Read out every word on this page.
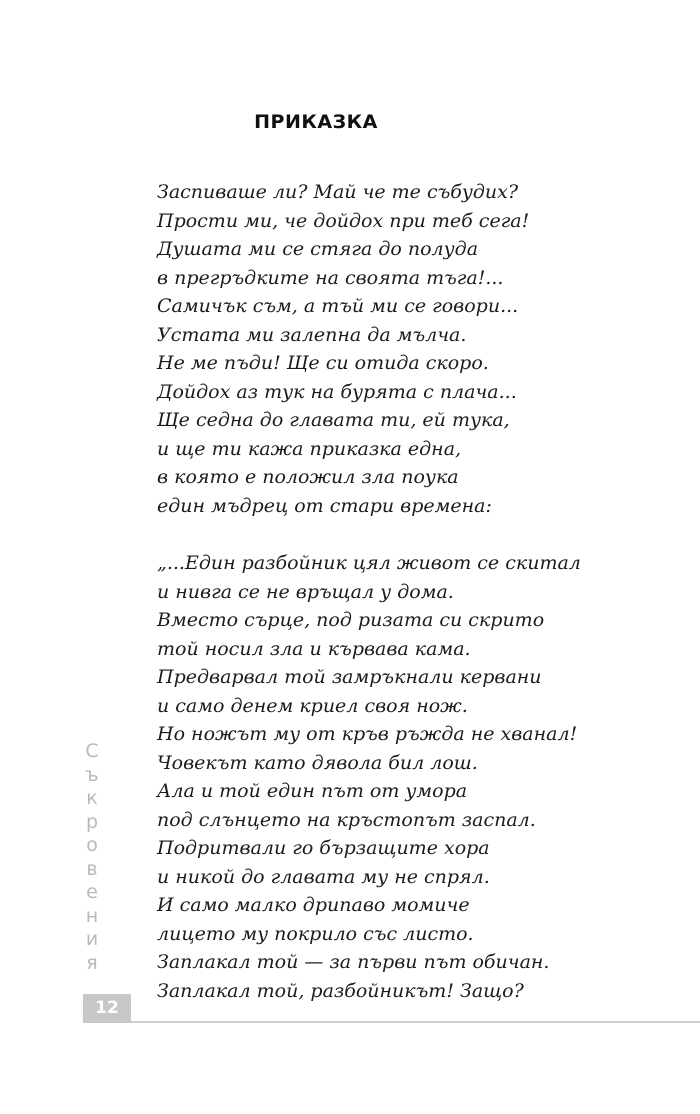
ПРИКАЗКА
Заспиваше ли? Май че те събудих?
Прости ми, че дойдох при теб сега!
Душата ми се стяга до полуда
в прегръдките на своята тъга!...
Самичък съм, а тъй ми се говори...
Устата ми залепна да мълча.
Не ме пъди! Ще си отида скоро.
Дойдох аз тук на бурята с плача...
Ще седна до главата ти, ей тука,
и ще ти кажа приказка една,
в която е положил зла поука
един мъдрец от стари времена:
„...Един разбойник цял живот се скитал
и нивга се не връщал у дома.
Вместо сърце, под ризата си скрито
той носил зла и кървава кама.
Предварвал той замръкнали кервани
и само денем криел своя нож.
Но ножът му от кръв ръжда не хванал!
Човекът като дявола бил лош.
Ала и той един път от умора
под слънцето на кръстопът заспал.
Подритвали го бързащите хора
и никой до главата му не спрял.
И само малко дрипаво момиче
лицето му покрило със листо.
Заплакал той — за първи път обичан.
Заплакал той, разбойникът! Защо?
С
ъ
к
р
о
в
е
н
и
я
12
